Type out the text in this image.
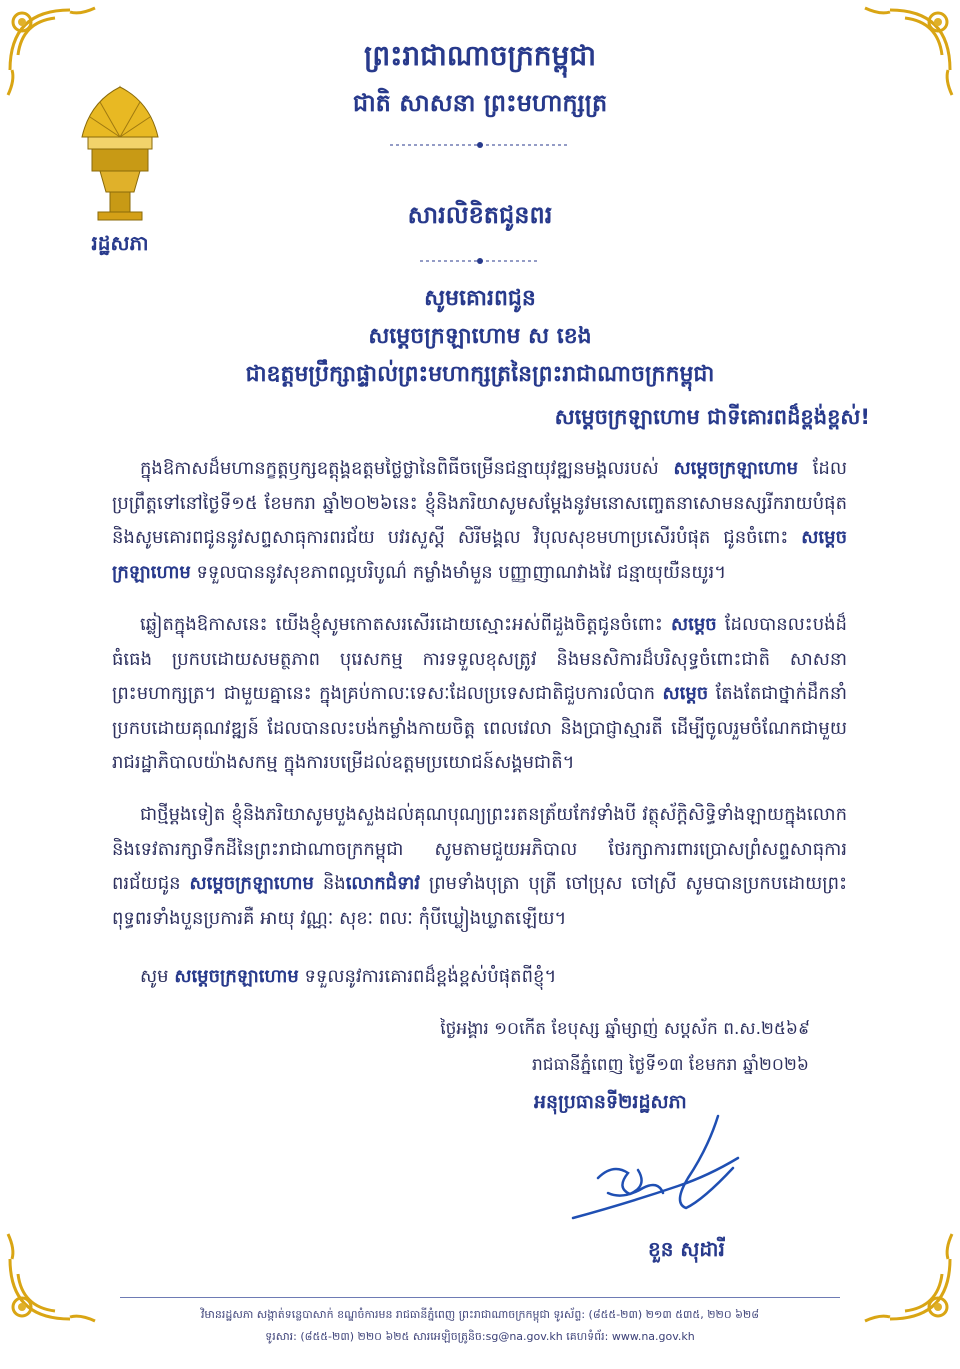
ព្រះរាជាណាចក្រកម្ពុជា
ជាតិ សាសនា ព្រះមហាក្សត្រ
រដ្ឋសភា
សារលិខិតជូនពរ
សូមគោរពជូន
សម្តេចក្រឡាហោម ស ខេង
ជាឧត្តមប្រឹក្សាផ្ទាល់ព្រះមហាក្សត្រនៃព្រះរាជាណាចក្រកម្ពុជា
សម្តេចក្រឡាហោម ជាទីគោរពដ៏ខ្ពង់ខ្ពស់!
ក្នុងឱកាសដ៏មហានក្ខត្តឫក្សឧត្តុង្គឧត្តមថ្លៃថ្លានៃពិធីចម្រើនជន្មាយុវឌ្ឍនមង្គលរបស់ សម្តេចក្រឡាហោម ដែលប្រព្រឹត្តទៅនៅថ្ងៃទី១៥ ខែមករា ឆ្នាំ២០២៦នេះ ខ្ញុំនិងភរិយាសូមសម្តែងនូវមនោសញ្ចេតនាសោមនស្សរីករាយបំផុត និងសូមគោរពជូននូវសព្ទសាធុការពរជ័យ បវរសួស្តី សិរីមង្គល វិបុលសុខមហាប្រសើរបំផុត ជូនចំពោះ សម្តេចក្រឡាហោម ទទួលបាននូវសុខភាពល្អបរិបូណ៌ កម្លាំងមាំមួន បញ្ញាញាណវាងវៃ ជន្មាយុយឺនយូរ។
ឆ្លៀតក្នុងឱកាសនេះ យើងខ្ញុំសូមកោតសរសើរដោយស្មោះអស់ពីដួងចិត្តជូនចំពោះ សម្តេច ដែលបានលះបង់ដ៏ធំធេង ប្រកបដោយសមត្ថភាព បុរេសកម្ម ការទទួលខុសត្រូវ និងមនសិការដ៏បរិសុទ្ធចំពោះជាតិ សាសនា ព្រះមហាក្សត្រ។ ជាមួយគ្នានេះ ក្នុងគ្រប់កាលៈទេសៈដែលប្រទេសជាតិជួបការលំបាក សម្តេច តែងតែជាថ្នាក់ដឹកនាំប្រកបដោយគុណវឌ្ឍន៍ ដែលបានលះបង់កម្លាំងកាយចិត្ត ពេលវេលា និងប្រាជ្ញាស្មារតី ដើម្បីចូលរួមចំណែកជាមួយរាជរដ្ឋាភិបាលយ៉ាងសកម្ម ក្នុងការបម្រើដល់ឧត្តមប្រយោជន៍សង្គមជាតិ។
ជាថ្មីម្តងទៀត ខ្ញុំនិងភរិយាសូមបួងសួងដល់គុណបុណ្យព្រះរតនត្រ័យកែវទាំងបី វត្ថុស័ក្តិសិទ្ធិទាំងឡាយក្នុងលោក និងទេវតារក្សាទឹកដីនៃព្រះរាជាណាចក្រកម្ពុជា សូមតាមជួយអភិបាល ថែរក្សាការពារប្រោសព្រំសព្ទសាធុការពរជ័យជូន សម្តេចក្រឡាហោម និងលោកជំទាវ ព្រមទាំងបុត្រា បុត្រី ចៅប្រុស ចៅស្រី សូមបានប្រកបដោយព្រះពុទ្ធពរទាំងបួនប្រការគឺ អាយុ វណ្ណៈ សុខៈ ពលៈ កុំបីឃ្លៀងឃ្លាតឡើយ។
សូម សម្តេចក្រឡាហោម ទទួលនូវការគោរពដ៏ខ្ពង់ខ្ពស់បំផុតពីខ្ញុំ។
ថ្ងៃអង្គារ ១០កើត ខែបុស្ស ឆ្នាំម្សាញ់ សប្តស័ក ព.ស.២៥៦៩
រាជធានីភ្នំពេញ ថ្ងៃទី១៣ ខែមករា ឆ្នាំ២០២៦
អនុប្រធានទី២រដ្ឋសភា
ខួន សុដារី
វិមានរដ្ឋសភា សង្កាត់ទន្លេបាសាក់ ខណ្ឌចំការមន រាជធានីភ្នំពេញ ព្រះរាជាណាចក្រកម្ពុជា ទូរស័ព្ទ: (៨៥៥-២៣) ២១៣ ៥៣៥, ២២០ ៦២៨
ទូរសារ: (៨៥៥-២៣) ២២០ ៦២៥ សារអេឡិចត្រូនិច:sg@na.gov.kh គេហទំព័រ: www.na.gov.kh
